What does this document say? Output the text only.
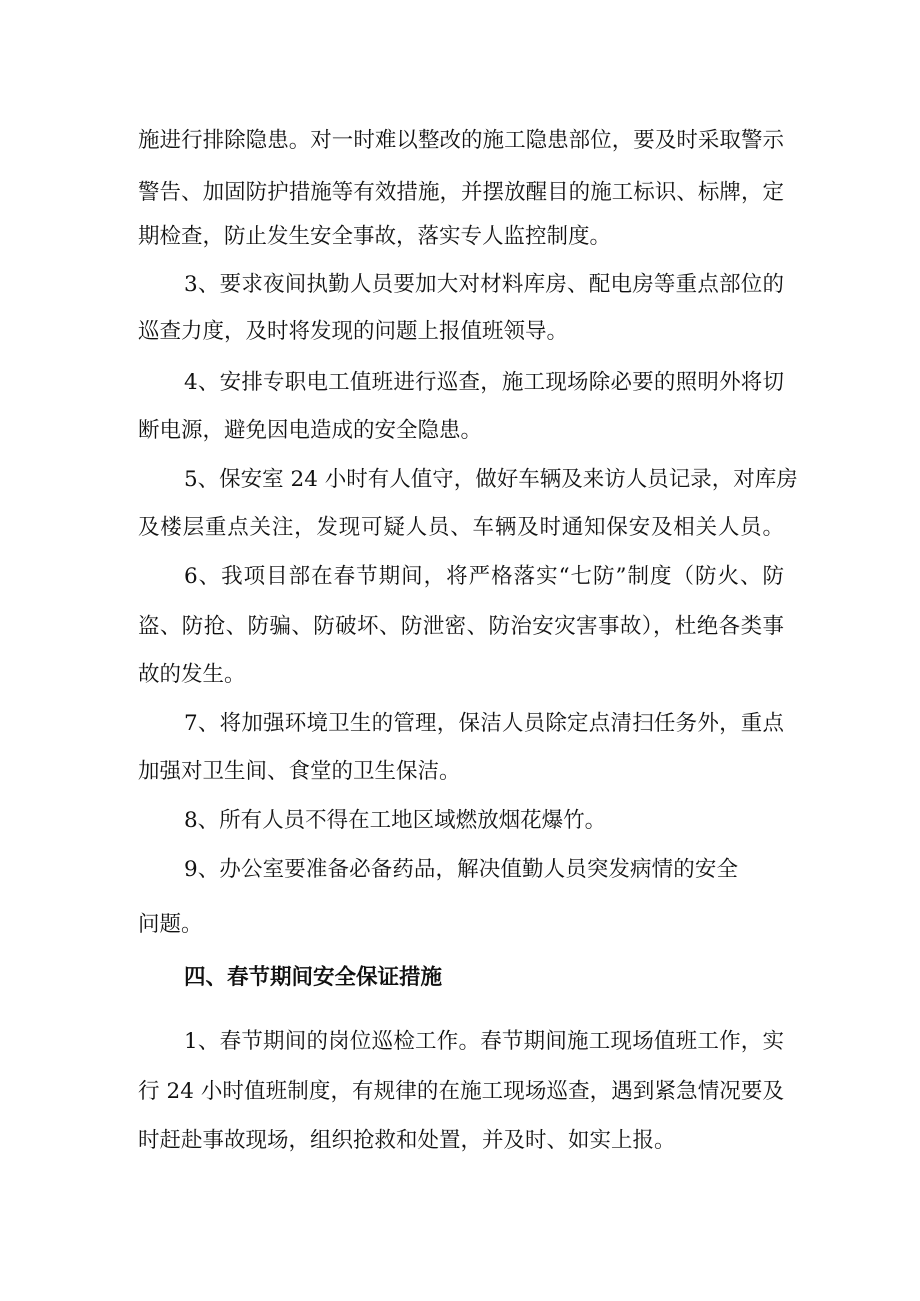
施进行排除隐患。对一时难以整改的施工隐患部位，要及时采取警示
警告、加固防护措施等有效措施，并摆放醒目的施工标识、标牌，定
期检查，防止发生安全事故，落实专人监控制度。
3、要求夜间执勤人员要加大对材料库房、配电房等重点部位的
巡查力度，及时将发现的问题上报值班领导。
4、安排专职电工值班进行巡查，施工现场除必要的照明外将切
断电源，避免因电造成的安全隐患。
5、保安室 24 小时有人值守，做好车辆及来访人员记录，对库房
及楼层重点关注，发现可疑人员、车辆及时通知保安及相关人员。
6、我项目部在春节期间，将严格落实“七防”制度（防火、防
盗、防抢、防骗、防破坏、防泄密、防治安灾害事故），杜绝各类事
故的发生。
7、将加强环境卫生的管理，保洁人员除定点清扫任务外，重点
加强对卫生间、食堂的卫生保洁。
8、所有人员不得在工地区域燃放烟花爆竹。
9、办公室要准备必备药品，解决值勤人员突发病情的安全
问题。
四、春节期间安全保证措施
1、春节期间的岗位巡检工作。春节期间施工现场值班工作，实
行 24 小时值班制度，有规律的在施工现场巡查，遇到紧急情况要及
时赶赴事故现场，组织抢救和处置，并及时、如实上报。
